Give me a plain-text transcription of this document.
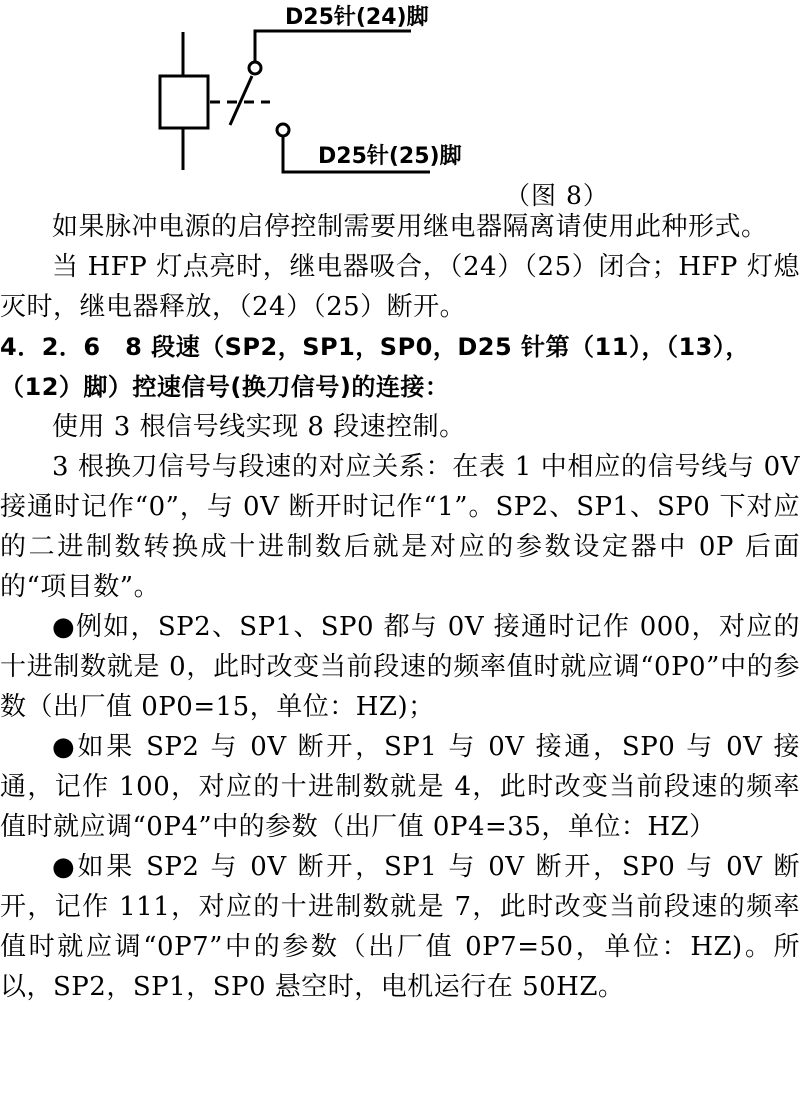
D25针(24)脚
D25针(25)脚
（图 8）

如果脉冲电源的启停控制需要用继电器隔离请使用此种形式。

当 HFP 灯点亮时，继电器吸合，（24）（25）闭合；HFP 灯熄灭时，继电器释放，（24）（25）断开。

4．2．6　8 段速（SP2，SP1，SP0，D25 针第（11），（13），（12）脚）控速信号(换刀信号)的连接：

使用 3 根信号线实现 8 段速控制。

3 根换刀信号与段速的对应关系：在表 1 中相应的信号线与 0V 接通时记作“0”，与 0V 断开时记作“1”。SP2、SP1、SP0 下对应的二进制数转换成十进制数后就是对应的参数设定器中 0P 后面的“项目数”。

●例如，SP2、SP1、SP0 都与 0V 接通时记作 000，对应的十进制数就是 0，此时改变当前段速的频率值时就应调“0P0”中的参数（出厂值 0P0=15，单位：HZ)；

●如果 SP2 与 0V 断开，SP1 与 0V 接通，SP0 与 0V 接通，记作 100，对应的十进制数就是 4，此时改变当前段速的频率值时就应调“0P4”中的参数（出厂值 0P4=35，单位：HZ）

●如果 SP2 与 0V 断开，SP1 与 0V 断开，SP0 与 0V 断开，记作 111，对应的十进制数就是 7，此时改变当前段速的频率值时就应调“0P7”中的参数（出厂值 0P7=50，单位：HZ)。所以，SP2，SP1，SP0 悬空时，电机运行在 50HZ。
